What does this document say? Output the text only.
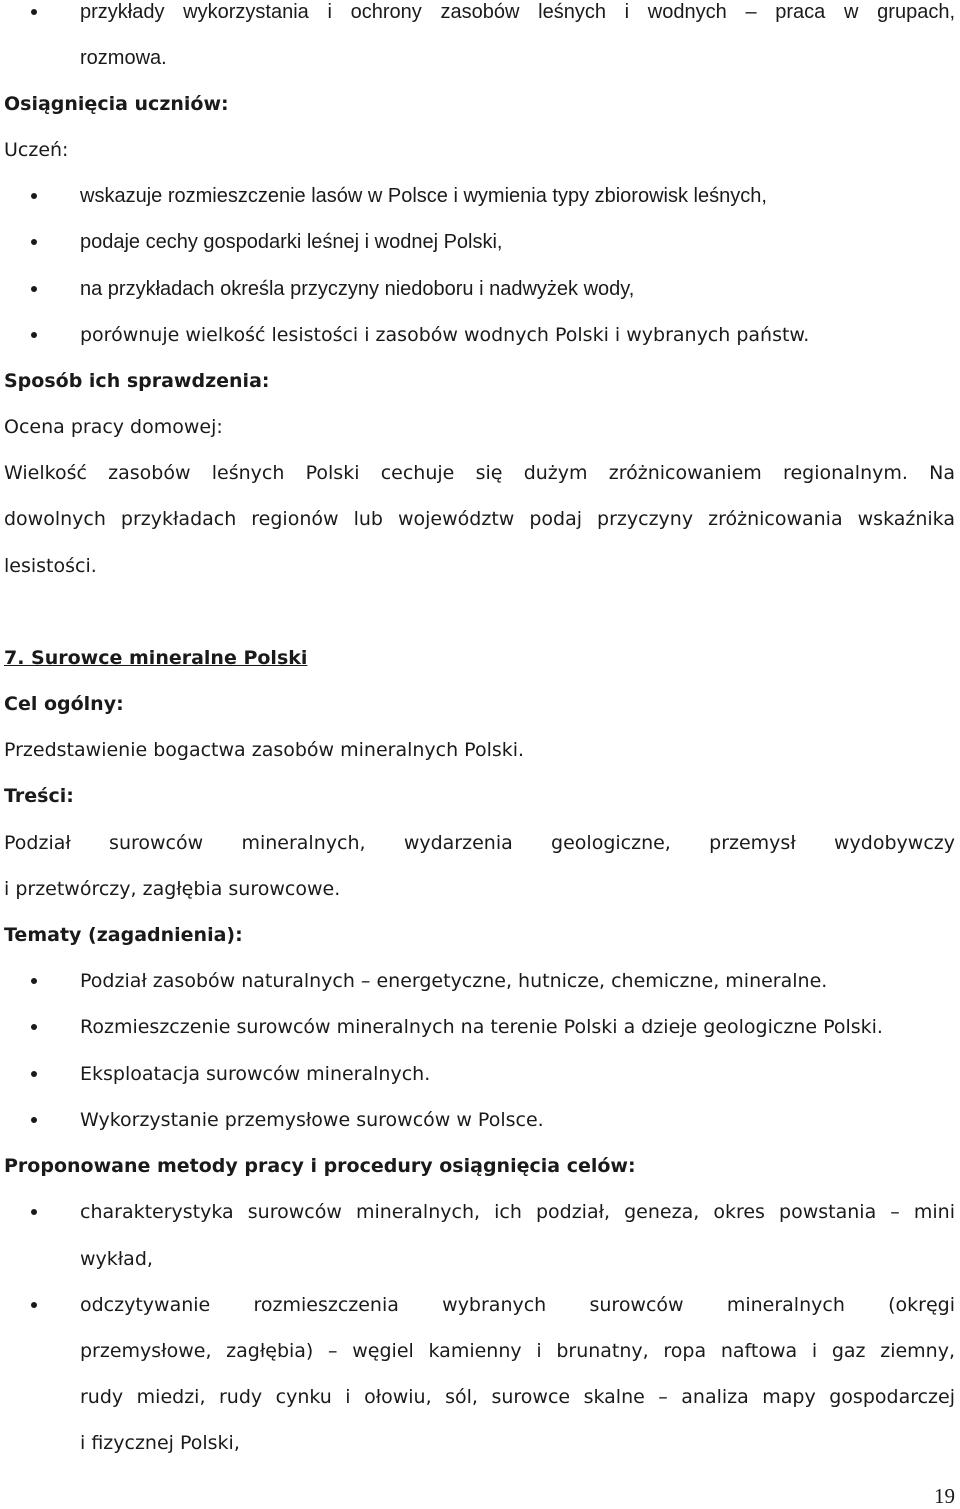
przykłady wykorzystania i ochrony zasobów leśnych i wodnych – praca w grupach,
rozmowa.
Osiągnięcia uczniów:
Uczeń:
wskazuje rozmieszczenie lasów w Polsce i wymienia typy zbiorowisk leśnych,
podaje cechy gospodarki leśnej i wodnej Polski,
na przykładach określa przyczyny niedoboru i nadwyżek wody,
porównuje wielkość lesistości i zasobów wodnych Polski i wybranych państw.
Sposób ich sprawdzenia:
Ocena pracy domowej:
Wielkość zasobów leśnych Polski cechuje się dużym zróżnicowaniem regionalnym. Na
dowolnych przykładach regionów lub województw podaj przyczyny zróżnicowania wskaźnika
lesistości.
7. Surowce mineralne Polski
Cel ogólny:
Przedstawienie bogactwa zasobów mineralnych Polski.
Treści:
Podział surowców mineralnych, wydarzenia geologiczne, przemysł wydobywczy
i przetwórczy, zagłębia surowcowe.
Tematy (zagadnienia):
Podział zasobów naturalnych – energetyczne, hutnicze, chemiczne, mineralne.
Rozmieszczenie surowców mineralnych na terenie Polski a dzieje geologiczne Polski.
Eksploatacja surowców mineralnych.
Wykorzystanie przemysłowe surowców w Polsce.
Proponowane metody pracy i procedury osiągnięcia celów:
charakterystyka surowców mineralnych, ich podział, geneza, okres powstania – mini
wykład,
odczytywanie rozmieszczenia wybranych surowców mineralnych (okręgi
przemysłowe, zagłębia) – węgiel kamienny i brunatny, ropa naftowa i gaz ziemny,
rudy miedzi, rudy cynku i ołowiu, sól, surowce skalne – analiza mapy gospodarczej
i fizycznej Polski,
19
